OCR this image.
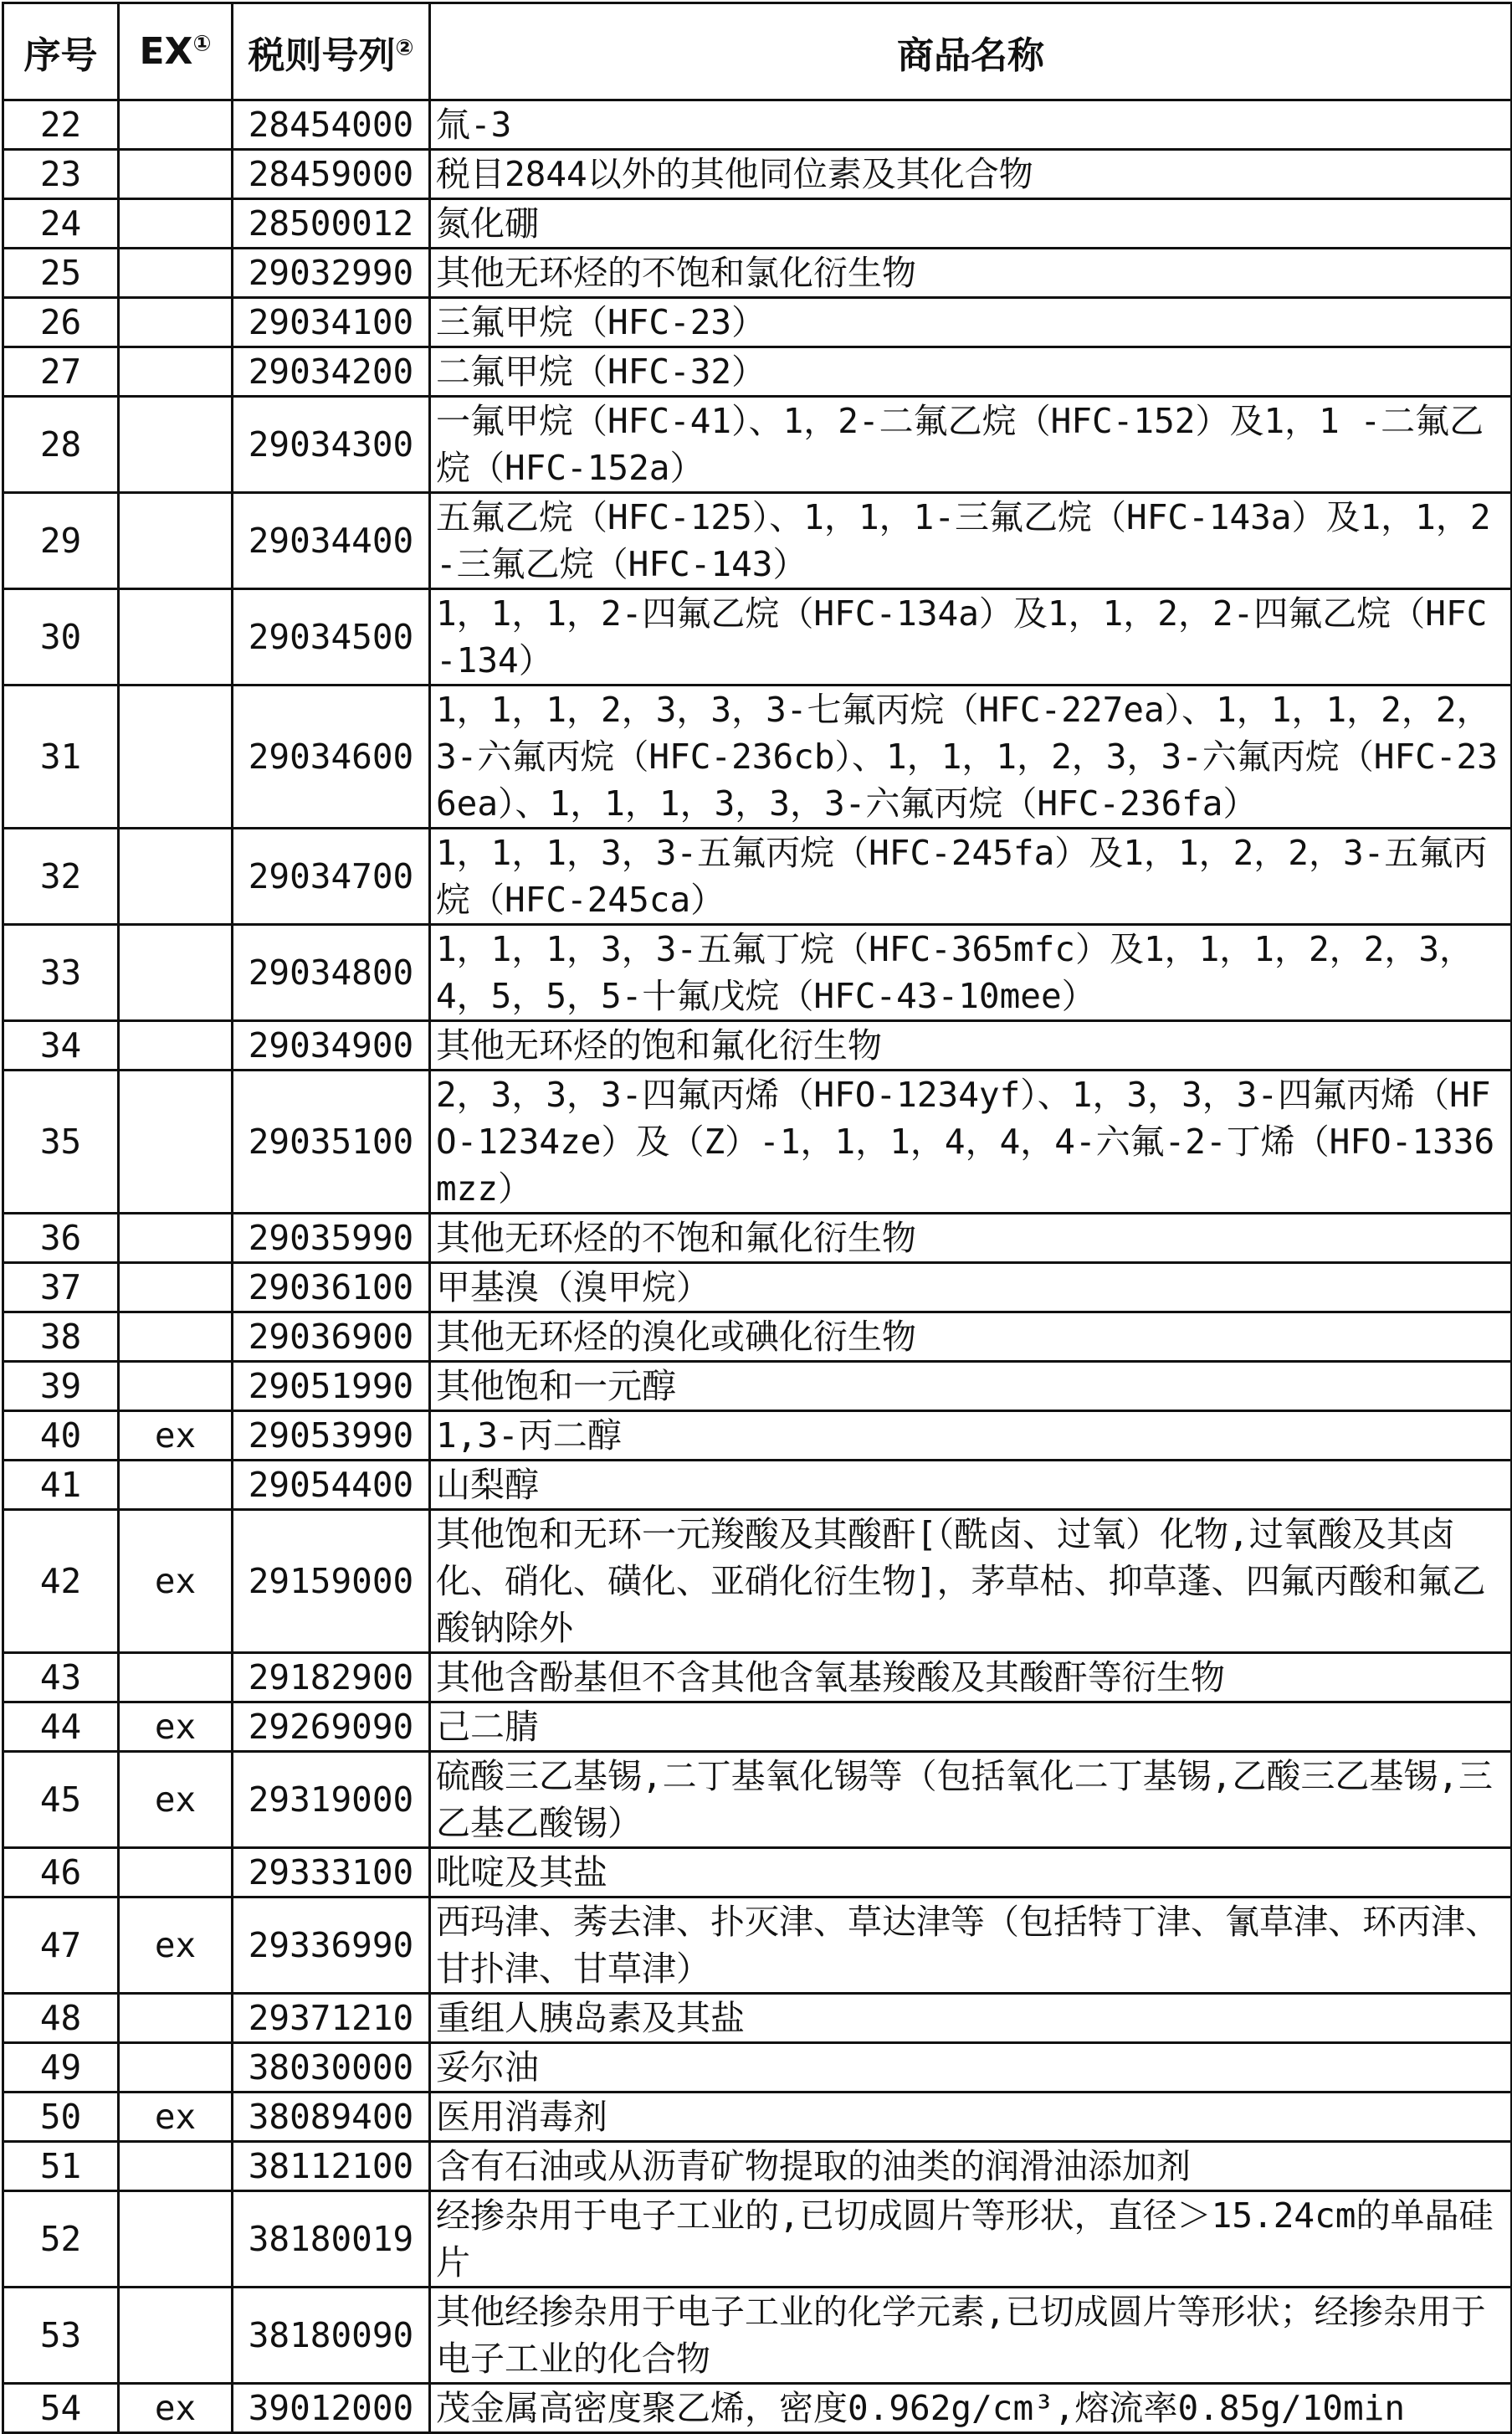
序号	EX①	税则号列②	商品名称
22		28454000	氚-3
23		28459000	税目2844以外的其他同位素及其化合物
24		28500012	氮化硼
25		29032990	其他无环烃的不饱和氯化衍生物
26		29034100	三氟甲烷（HFC-23）
27		29034200	二氟甲烷（HFC-32）
28		29034300	一氟甲烷（HFC-41）、1，2-二氟乙烷（HFC-152）及1，1 -二氟乙烷（HFC-152a）
29		29034400	五氟乙烷（HFC-125）、1，1，1-三氟乙烷（HFC-143a）及1，1，2-三氟乙烷（HFC-143）
30		29034500	1，1，1，2-四氟乙烷（HFC-134a）及1，1，2，2-四氟乙烷（HFC-134）
31		29034600	1，1，1，2，3，3，3-七氟丙烷（HFC-227ea）、1，1，1，2，2，3-六氟丙烷（HFC-236cb）、1，1，1，2，3，3-六氟丙烷（HFC-236ea）、1，1，1，3，3，3-六氟丙烷（HFC-236fa）
32		29034700	1，1，1，3，3-五氟丙烷（HFC-245fa）及1，1，2，2，3-五氟丙烷（HFC-245ca）
33		29034800	1，1，1，3，3-五氟丁烷（HFC-365mfc）及1，1，1，2，2，3，4，5，5，5-十氟戊烷（HFC-43-10mee）
34		29034900	其他无环烃的饱和氟化衍生物
35		29035100	2，3，3，3-四氟丙烯（HFO-1234yf）、1，3，3，3-四氟丙烯（HFO-1234ze）及（Z）-1，1，1，4，4，4-六氟-2-丁烯（HFO-1336mzz）
36		29035990	其他无环烃的不饱和氟化衍生物
37		29036100	甲基溴（溴甲烷）
38		29036900	其他无环烃的溴化或碘化衍生物
39		29051990	其他饱和一元醇
40	ex	29053990	1,3-丙二醇
41		29054400	山梨醇
42	ex	29159000	其他饱和无环一元羧酸及其酸酐[（酰卤、过氧）化物,过氧酸及其卤化、硝化、磺化、亚硝化衍生物]，茅草枯、抑草蓬、四氟丙酸和氟乙酸钠除外
43		29182900	其他含酚基但不含其他含氧基羧酸及其酸酐等衍生物
44	ex	29269090	己二腈
45	ex	29319000	硫酸三乙基锡,二丁基氧化锡等（包括氧化二丁基锡,乙酸三乙基锡,三乙基乙酸锡）
46		29333100	吡啶及其盐
47	ex	29336990	西玛津、莠去津、扑灭津、草达津等（包括特丁津、氰草津、环丙津、甘扑津、甘草津）
48		29371210	重组人胰岛素及其盐
49		38030000	妥尔油
50	ex	38089400	医用消毒剂
51		38112100	含有石油或从沥青矿物提取的油类的润滑油添加剂
52		38180019	经掺杂用于电子工业的,已切成圆片等形状，直径＞15.24cm的单晶硅片
53		38180090	其他经掺杂用于电子工业的化学元素,已切成圆片等形状；经掺杂用于电子工业的化合物
54	ex	39012000	茂金属高密度聚乙烯，密度0.962g/cm³,熔流率0.85g/10min
